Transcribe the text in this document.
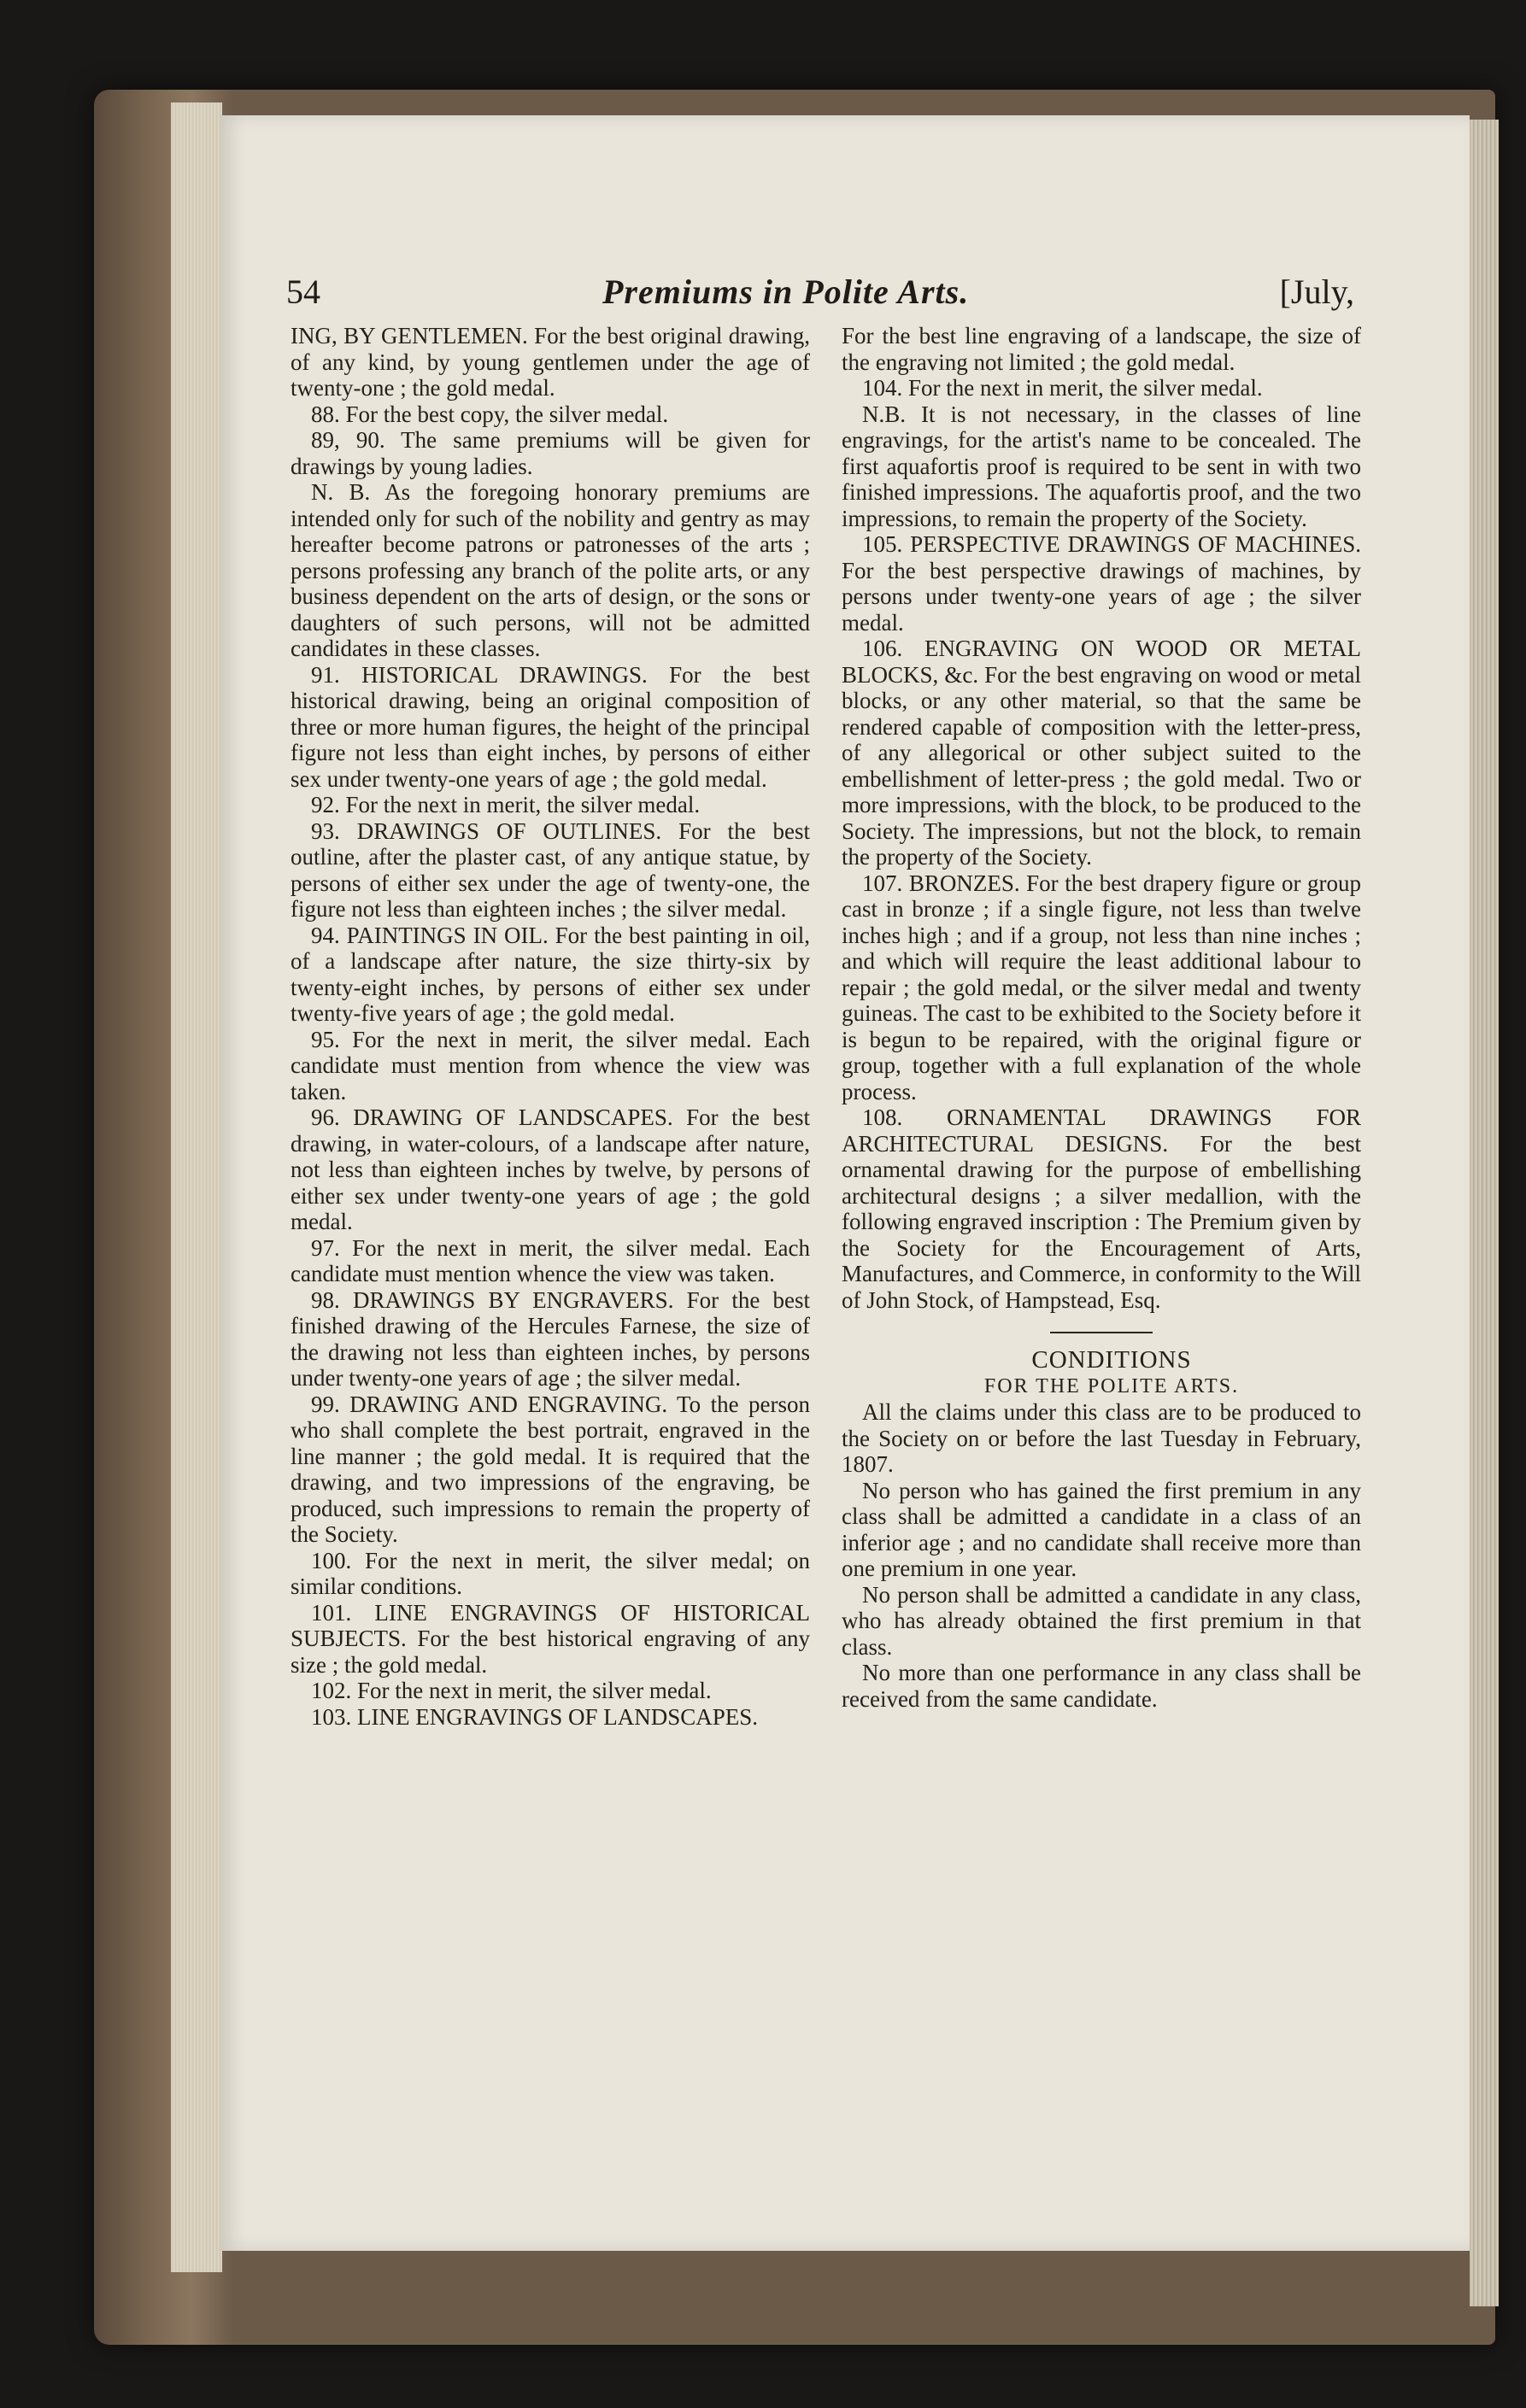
54	Premiums in Polite Arts.	[July,

ING, BY GENTLEMEN. For the best original drawing, of any kind, by young gentlemen under the age of twenty-one ; the gold medal.

88. For the best copy, the silver medal.

89, 90. The same premiums will be given for drawings by young ladies.

N. B. As the foregoing honorary premiums are intended only for such of the nobility and gentry as may hereafter become patrons or patronesses of the arts ; persons professing any branch of the polite arts, or any business dependent on the arts of design, or the sons or daughters of such persons, will not be admitted candidates in these classes.

91. HISTORICAL DRAWINGS. For the best historical drawing, being an original composition of three or more human figures, the height of the principal figure not less than eight inches, by persons of either sex under twenty-one years of age ; the gold medal.

92. For the next in merit, the silver medal.

93. DRAWINGS OF OUTLINES. For the best outline, after the plaster cast, of any antique statue, by persons of either sex under the age of twenty-one, the figure not less than eighteen inches ; the silver medal.

94. PAINTINGS IN OIL. For the best painting in oil, of a landscape after nature, the size thirty-six by twenty-eight inches, by persons of either sex under twenty-five years of age ; the gold medal.

95. For the next in merit, the silver medal. Each candidate must mention from whence the view was taken.

96. DRAWING OF LANDSCAPES. For the best drawing, in water-colours, of a landscape after nature, not less than eighteen inches by twelve, by persons of either sex under twenty-one years of age ; the gold medal.

97. For the next in merit, the silver medal. Each candidate must mention whence the view was taken.

98. DRAWINGS BY ENGRAVERS. For the best finished drawing of the Hercules Farnese, the size of the drawing not less than eighteen inches, by persons under twenty-one years of age ; the silver medal.

99. DRAWING AND ENGRAVING. To the person who shall complete the best portrait, engraved in the line manner ; the gold medal. It is required that the drawing, and two impressions of the engraving, be produced, such impressions to remain the property of the Society.

100. For the next in merit, the silver medal; on similar conditions.

101. LINE ENGRAVINGS OF HISTORICAL SUBJECTS. For the best historical engraving of any size ; the gold medal.

102. For the next in merit, the silver medal.

103. LINE ENGRAVINGS OF LANDSCAPES.

For the best line engraving of a landscape, the size of the engraving not limited ; the gold medal.

104. For the next in merit, the silver medal.

N.B. It is not necessary, in the classes of line engravings, for the artist's name to be concealed. The first aquafortis proof is required to be sent in with two finished impressions. The aquafortis proof, and the two impressions, to remain the property of the Society.

105. PERSPECTIVE DRAWINGS OF MACHINES. For the best perspective drawings of machines, by persons under twenty-one years of age ; the silver medal.

106. ENGRAVING ON WOOD OR METAL BLOCKS, &c. For the best engraving on wood or metal blocks, or any other material, so that the same be rendered capable of composition with the letter-press, of any allegorical or other subject suited to the embellishment of letter-press ; the gold medal. Two or more impressions, with the block, to be produced to the Society. The impressions, but not the block, to remain the property of the Society.

107. BRONZES. For the best drapery figure or group cast in bronze ; if a single figure, not less than twelve inches high ; and if a group, not less than nine inches ; and which will require the least additional labour to repair ; the gold medal, or the silver medal and twenty guineas. The cast to be exhibited to the Society before it is begun to be repaired, with the original figure or group, together with a full explanation of the whole process.

108. ORNAMENTAL DRAWINGS FOR ARCHITECTURAL DESIGNS. For the best ornamental drawing for the purpose of embellishing architectural designs ; a silver medallion, with the following engraved inscription : The Premium given by the Society for the Encouragement of Arts, Manufactures, and Commerce, in conformity to the Will of John Stock, of Hampstead, Esq.

CONDITIONS

FOR THE POLITE ARTS.

All the claims under this class are to be produced to the Society on or before the last Tuesday in February, 1807.

No person who has gained the first premium in any class shall be admitted a candidate in a class of an inferior age ; and no candidate shall receive more than one premium in one year.

No person shall be admitted a candidate in any class, who has already obtained the first premium in that class.

No more than one performance in any class shall be received from the same candidate.
